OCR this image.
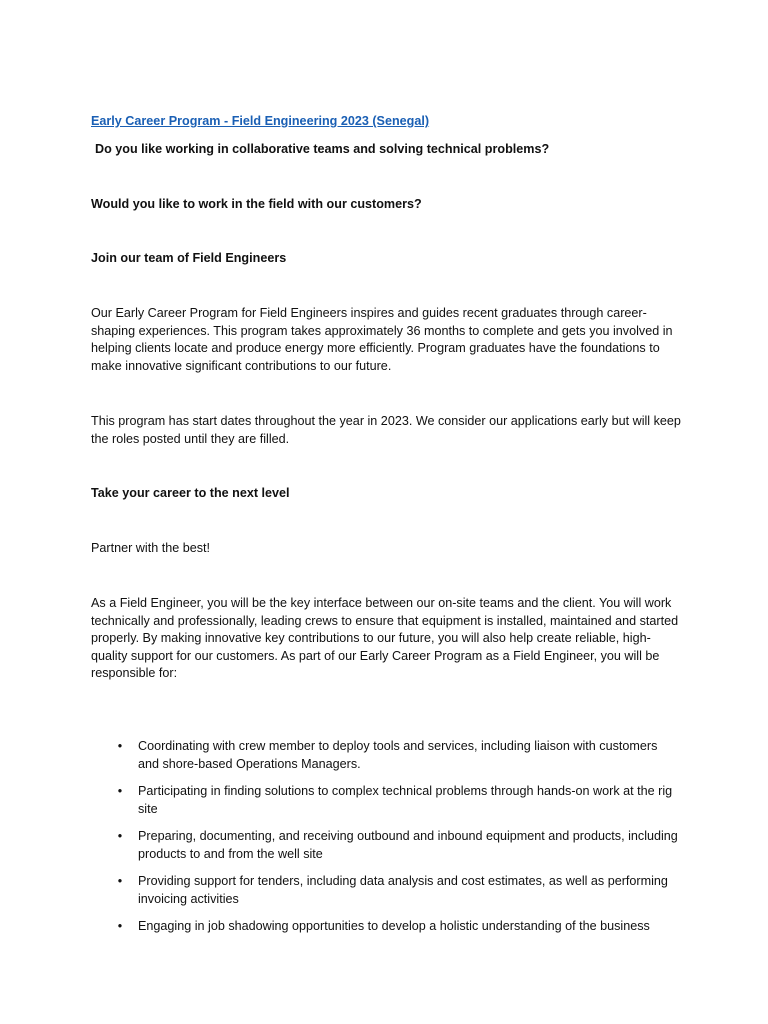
Early Career Program - Field Engineering 2023 (Senegal)

Do you like working in collaborative teams and solving technical problems?

Would you like to work in the field with our customers?

Join our team of Field Engineers

Our Early Career Program for Field Engineers inspires and guides recent graduates through career-shaping experiences. This program takes approximately 36 months to complete and gets you involved in helping clients locate and produce energy more efficiently. Program graduates have the foundations to make innovative significant contributions to our future.

This program has start dates throughout the year in 2023. We consider our applications early but will keep the roles posted until they are filled.

Take your career to the next level

Partner with the best!

As a Field Engineer, you will be the key interface between our on-site teams and the client. You will work technically and professionally, leading crews to ensure that equipment is installed, maintained and started properly. By making innovative key contributions to our future, you will also help create reliable, high-quality support for our customers. As part of our Early Career Program as a Field Engineer, you will be responsible for:

• Coordinating with crew member to deploy tools and services, including liaison with customers and shore-based Operations Managers.
• Participating in finding solutions to complex technical problems through hands-on work at the rig site
• Preparing, documenting, and receiving outbound and inbound equipment and products, including products to and from the well site
• Providing support for tenders, including data analysis and cost estimates, as well as performing invoicing activities
• Engaging in job shadowing opportunities to develop a holistic understanding of the business
